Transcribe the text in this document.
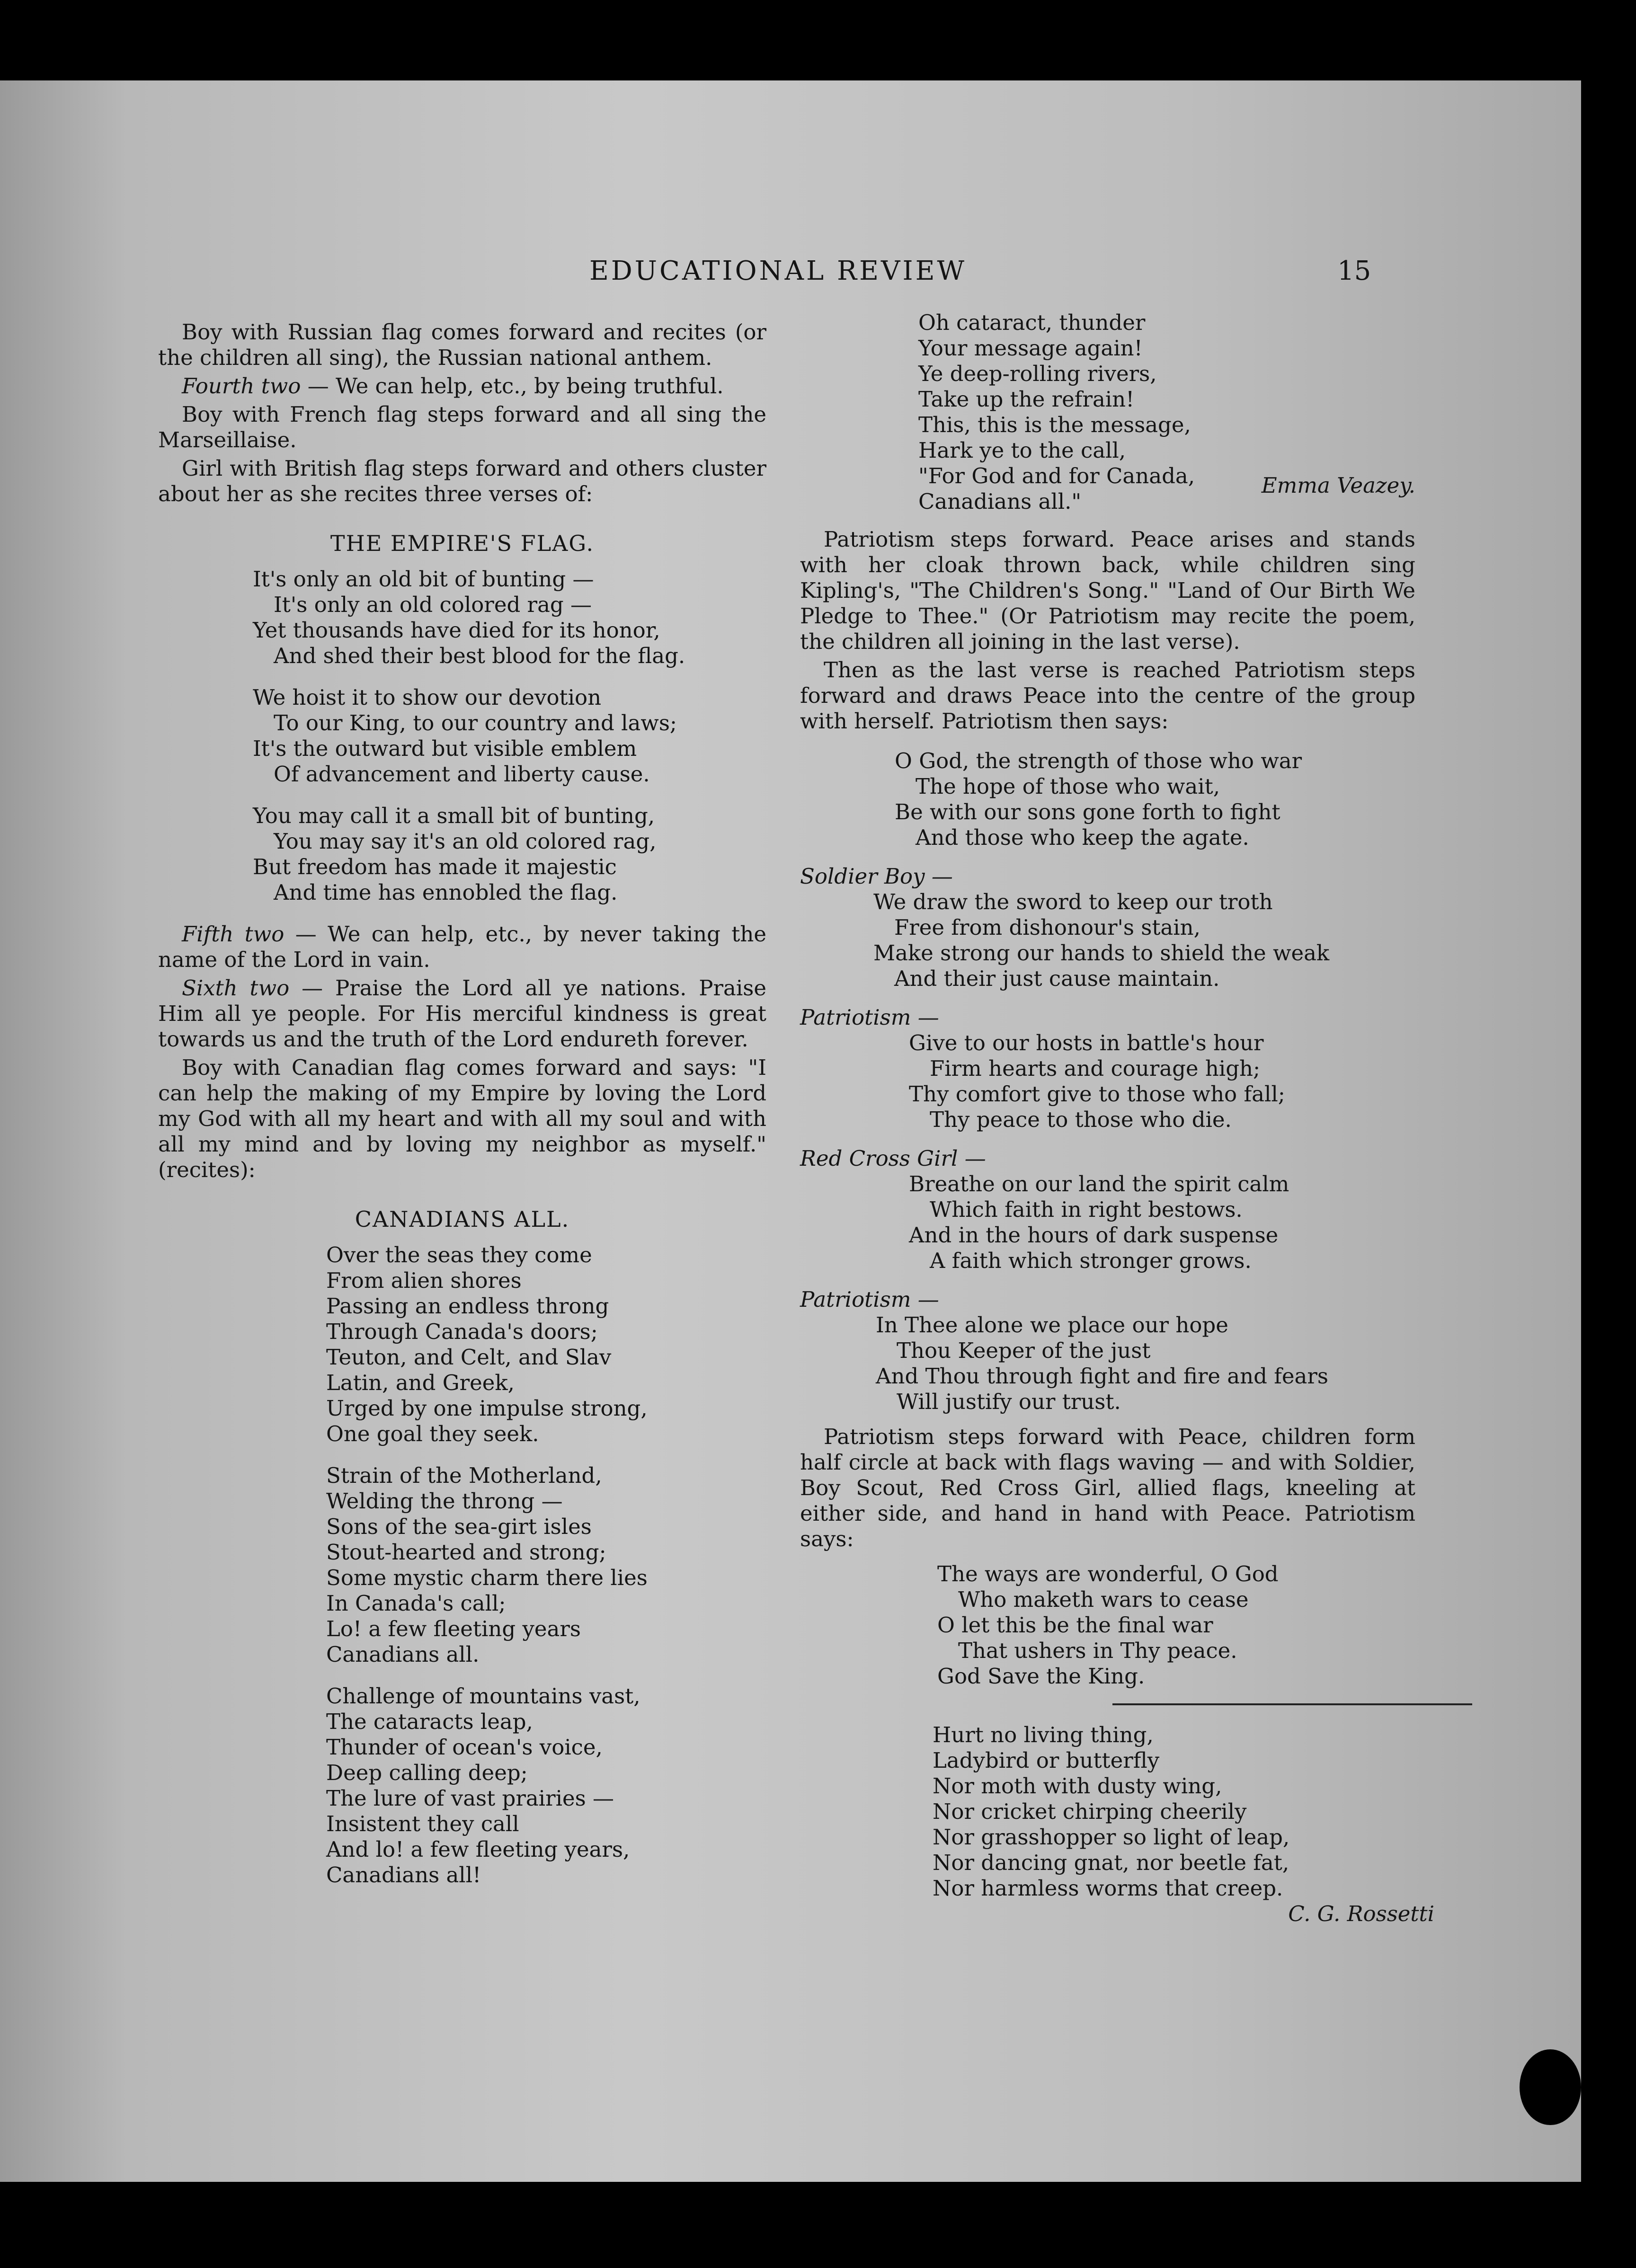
EDUCATIONAL REVIEW	15

Boy with Russian flag comes forward and recites (or the children all sing), the Russian national anthem.

Fourth two — We can help, etc., by being truthful.

Boy with French flag steps forward and all sing the Marseillaise.

Girl with British flag steps forward and others cluster about her as she recites three verses of:

THE EMPIRE'S FLAG.
It's only an old bit of bunting —
It's only an old colored rag —
Yet thousands have died for its honor,
And shed their best blood for the flag.
We hoist it to show our devotion
To our King, to our country and laws;
It's the outward but visible emblem
Of advancement and liberty cause.
You may call it a small bit of bunting,
You may say it's an old colored rag,
But freedom has made it majestic
And time has ennobled the flag.

Fifth two — We can help, etc., by never taking the name of the Lord in vain.

Sixth two — Praise the Lord all ye nations. Praise Him all ye people. For His merciful kindness is great towards us and the truth of the Lord endureth forever.

Boy with Canadian flag comes forward and says: "I can help the making of my Empire by loving the Lord my God with all my heart and with all my soul and with all my mind and by loving my neighbor as myself." (recites):

CANADIANS ALL.
Over the seas they come
From alien shores
Passing an endless throng
Through Canada's doors;
Teuton, and Celt, and Slav
Latin, and Greek,
Urged by one impulse strong,
One goal they seek.
Strain of the Motherland,
Welding the throng —
Sons of the sea-girt isles
Stout-hearted and strong;
Some mystic charm there lies
In Canada's call;
Lo! a few fleeting years
Canadians all.
Challenge of mountains vast,
The cataracts leap,
Thunder of ocean's voice,
Deep calling deep;
The lure of vast prairies —
Insistent they call
And lo! a few fleeting years,
Canadians all!
Oh cataract, thunder
Your message again!
Ye deep-rolling rivers,
Take up the refrain!
This, this is the message,
Hark ye to the call,
"For God and for Canada,
Canadians all."
Emma Veazey.

Patriotism steps forward. Peace arises and stands with her cloak thrown back, while children sing Kipling's, "The Children's Song." "Land of Our Birth We Pledge to Thee." (Or Patriotism may recite the poem, the children all joining in the last verse).

Then as the last verse is reached Patriotism steps forward and draws Peace into the centre of the group with herself. Patriotism then says:

O God, the strength of those who war
The hope of those who wait,
Be with our sons gone forth to fight
And those who keep the agate.
Soldier Boy —
We draw the sword to keep our troth
Free from dishonour's stain,
Make strong our hands to shield the weak
And their just cause maintain.
Patriotism —
Give to our hosts in battle's hour
Firm hearts and courage high;
Thy comfort give to those who fall;
Thy peace to those who die.
Red Cross Girl —
Breathe on our land the spirit calm
Which faith in right bestows.
And in the hours of dark suspense
A faith which stronger grows.
Patriotism —
In Thee alone we place our hope
Thou Keeper of the just
And Thou through fight and fire and fears
Will justify our trust.

Patriotism steps forward with Peace, children form half circle at back with flags waving — and with Soldier, Boy Scout, Red Cross Girl, allied flags, kneeling at either side, and hand in hand with Peace. Patriotism says:

The ways are wonderful, O God
Who maketh wars to cease
O let this be the final war
That ushers in Thy peace.
God Save the King.
Hurt no living thing,
Ladybird or butterfly
Nor moth with dusty wing,
Nor cricket chirping cheerily
Nor grasshopper so light of leap,
Nor dancing gnat, nor beetle fat,
Nor harmless worms that creep.
C. G. Rossetti
